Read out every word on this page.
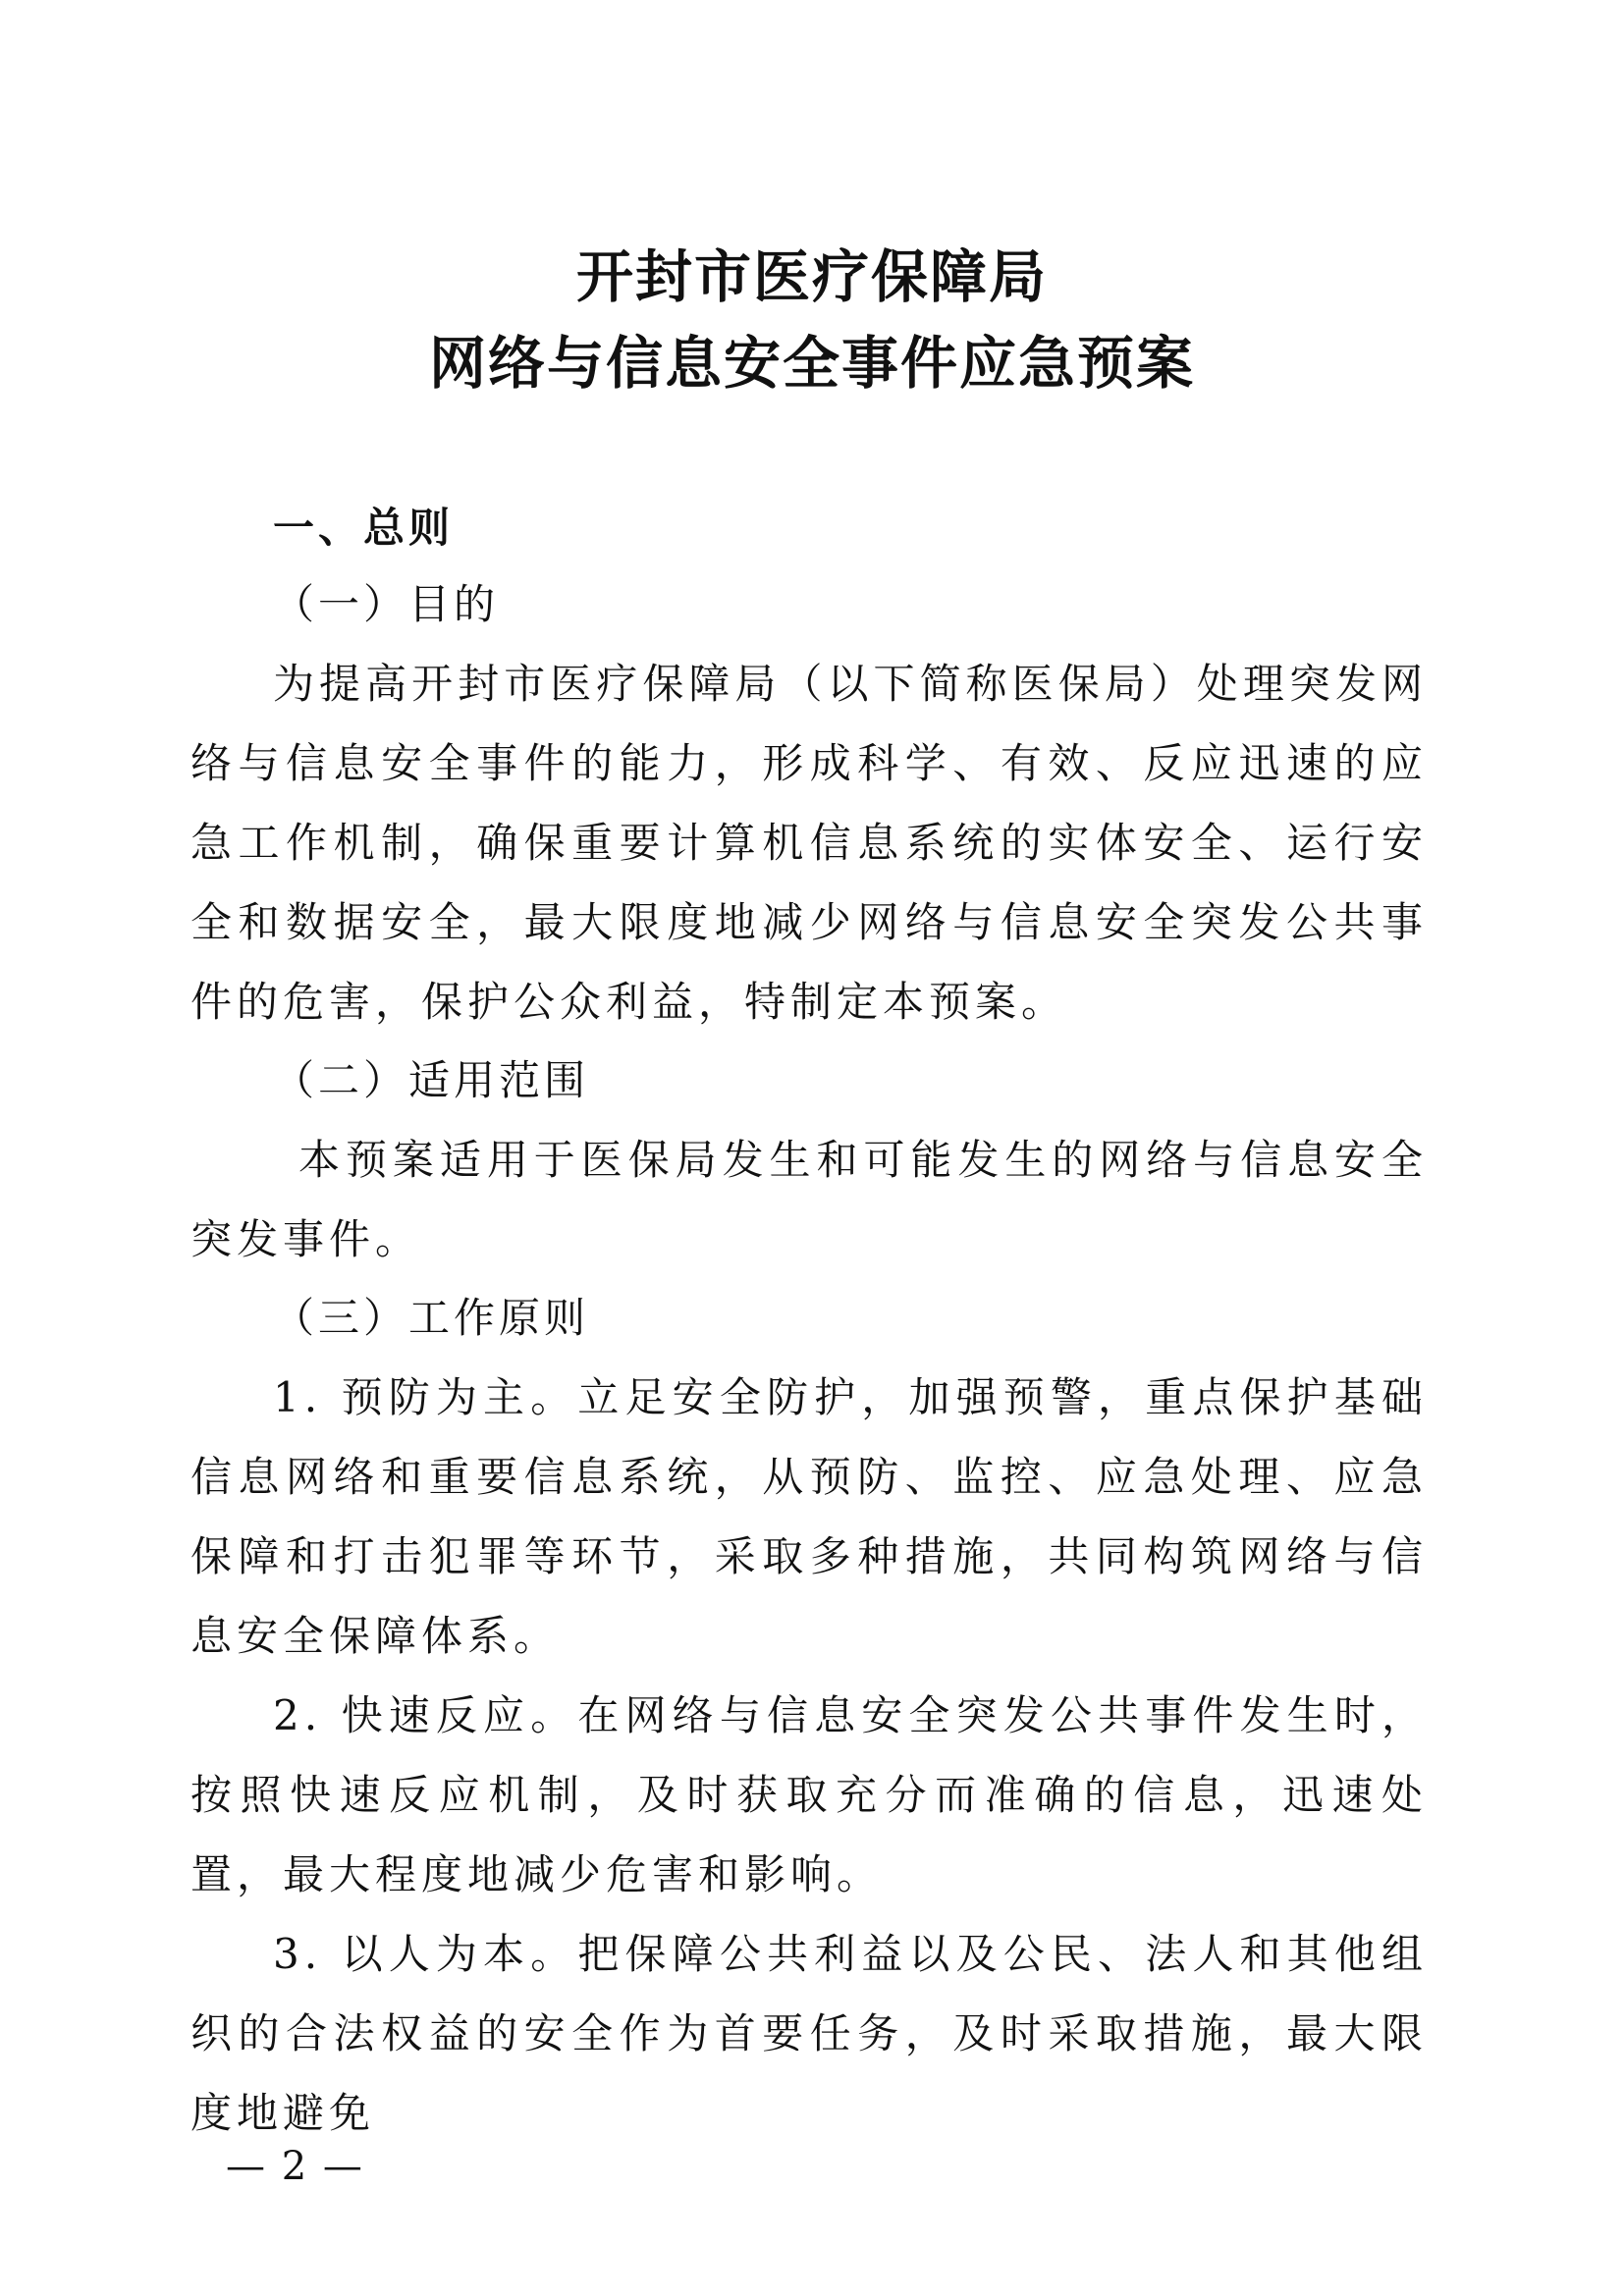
开封市医疗保障局
网络与信息安全事件应急预案
一、总则
（一）目的

为提高开封市医疗保障局（以下简称医保局）处理突发网络与信息安全事件的能力，形成科学、有效、反应迅速的应急工作机制，确保重要计算机信息系统的实体安全、运行安全和数据安全，最大限度地减少网络与信息安全突发公共事件的危害，保护公众利益，特制定本预案。

（二）适用范围

本预案适用于医保局发生和可能发生的网络与信息安全突发事件。

（三）工作原则

1. 预防为主。立足安全防护，加强预警，重点保护基础信息网络和重要信息系统，从预防、监控、应急处理、应急保障和打击犯罪等环节，采取多种措施，共同构筑网络与信息安全保障体系。

2. 快速反应。在网络与信息安全突发公共事件发生时，按照快速反应机制，及时获取充分而准确的信息，迅速处置，最大程度地减少危害和影响。

3. 以人为本。把保障公共利益以及公民、法人和其他组织的合法权益的安全作为首要任务，及时采取措施，最大限度地避免

— 2 —
